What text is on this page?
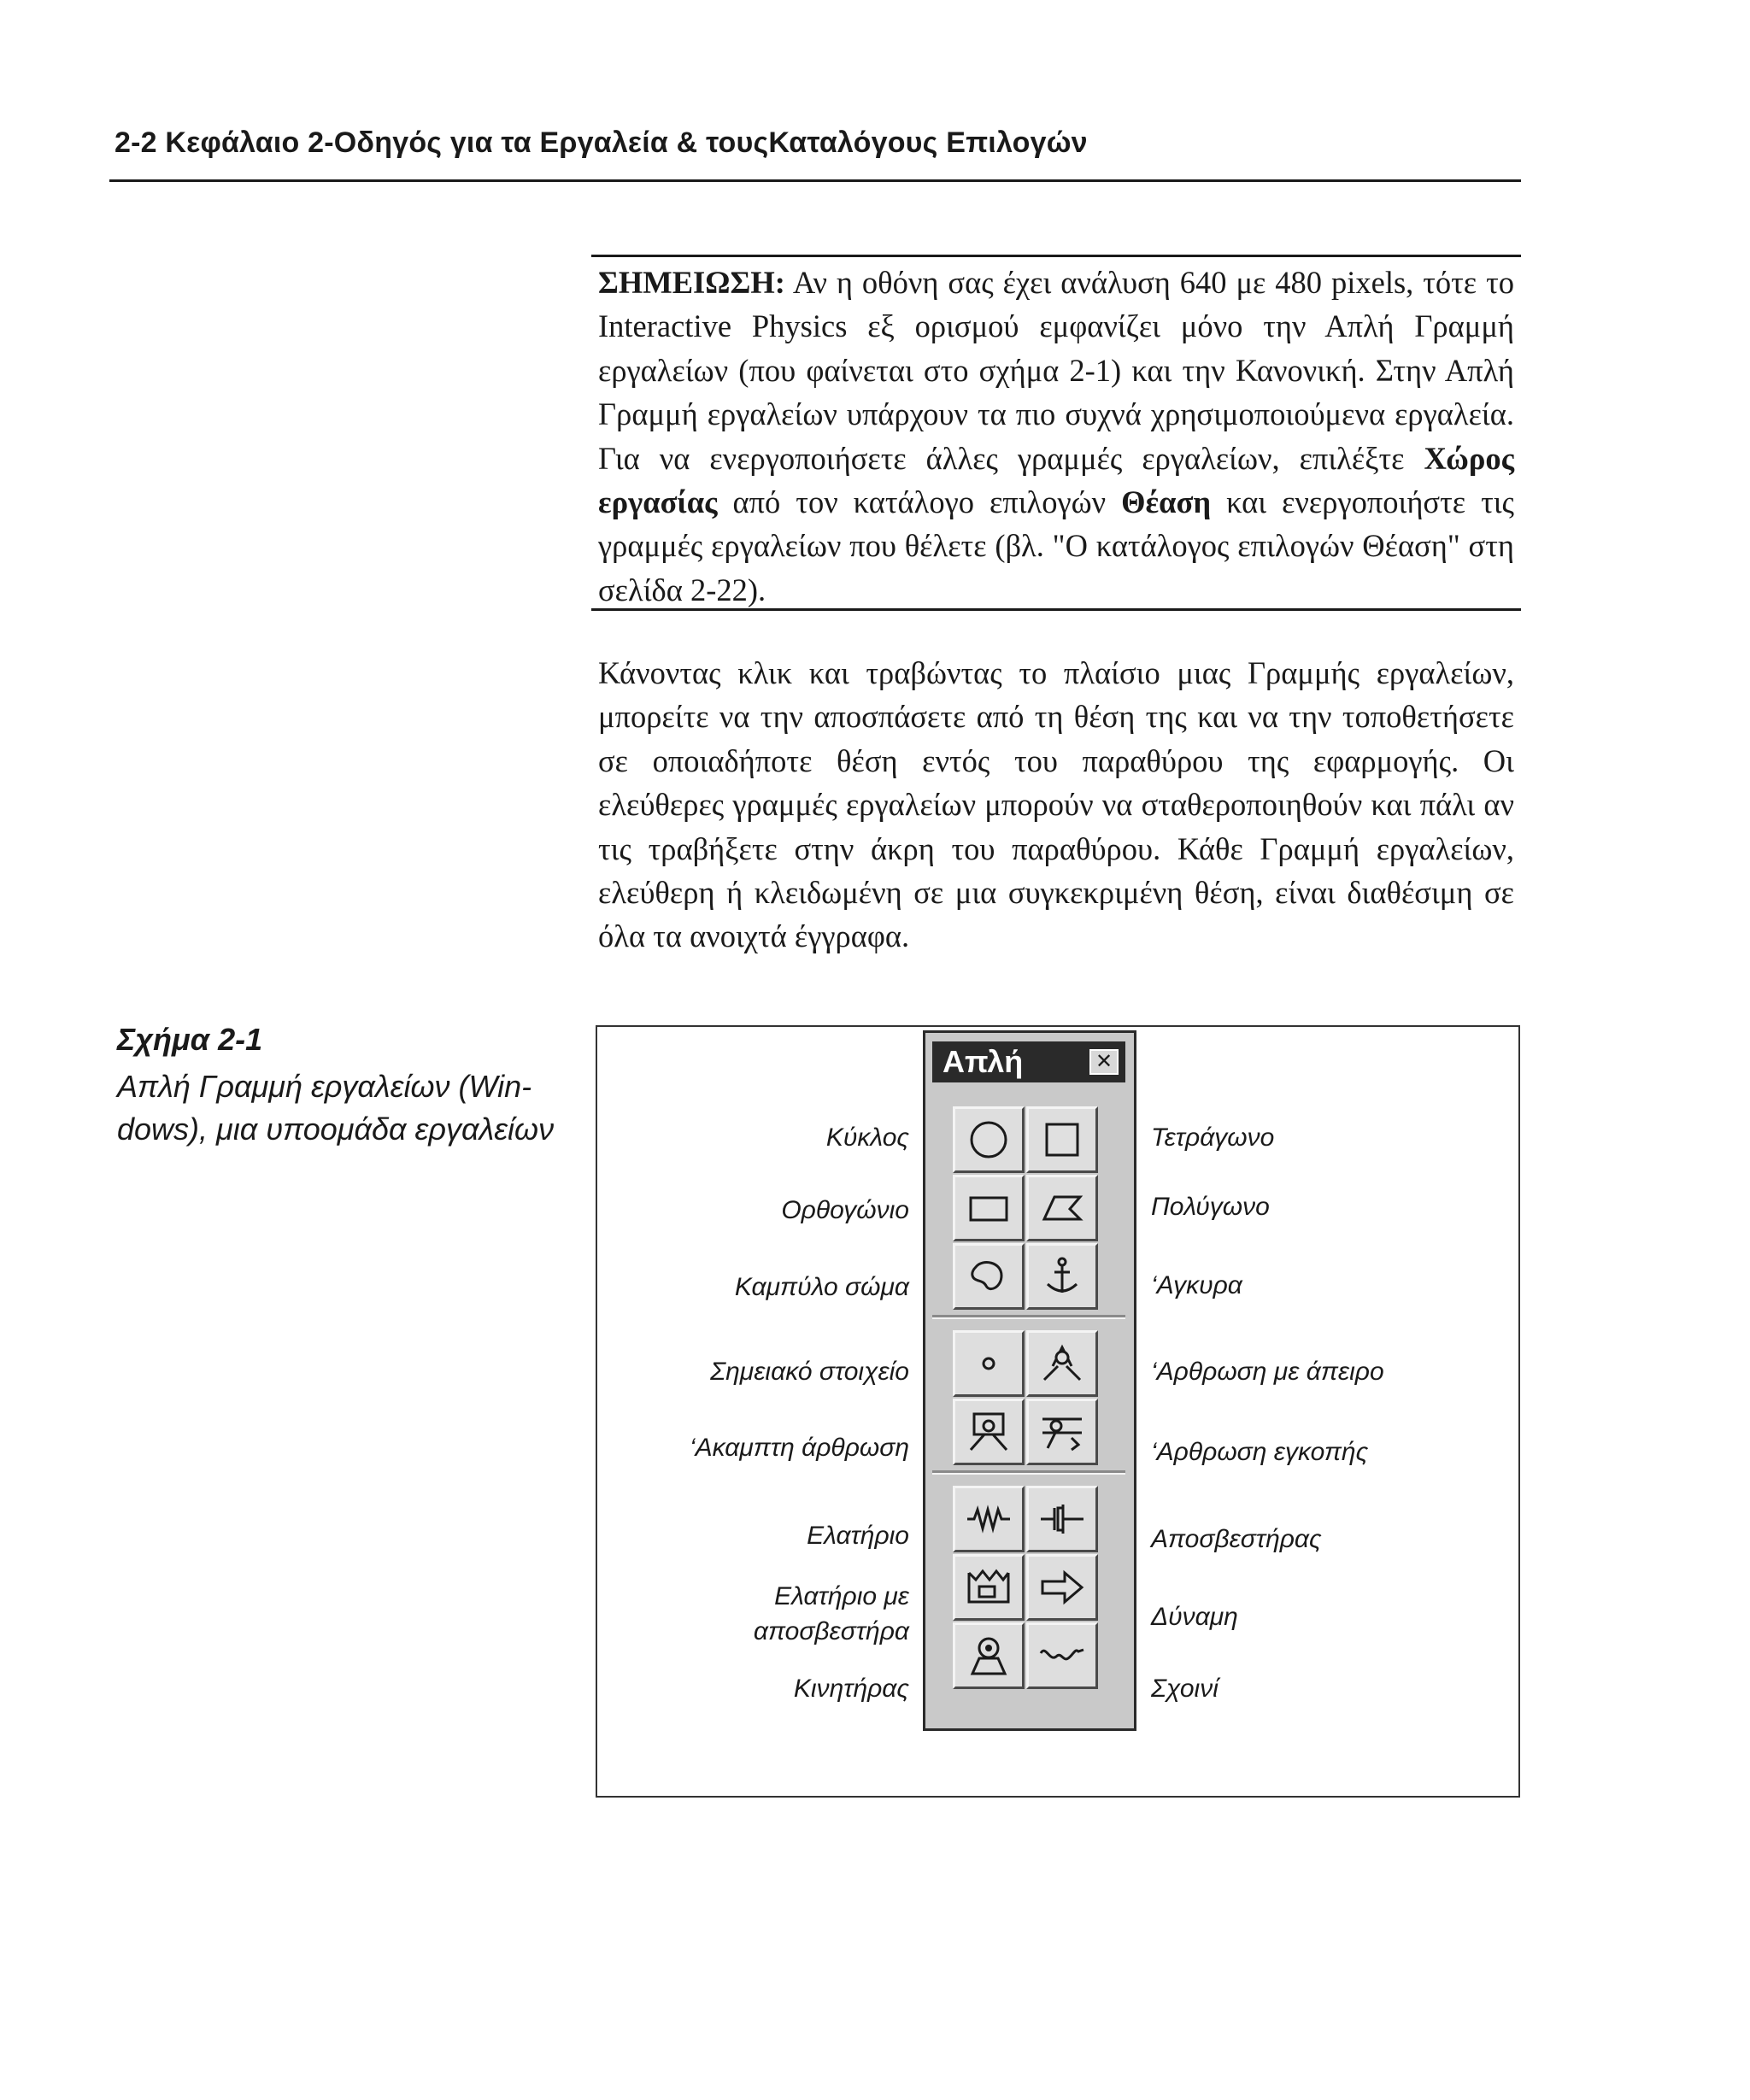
2-2 Κεφάλαιο 2-Οδηγός για τα Εργαλεία & τουςΚαταλόγους Επιλογών
ΣΗΜΕΙΩΣΗ: Αν η οθόνη σας έχει ανάλυση 640 με 480 pixels, τότε το Interactive Physics εξ ορισμού εμφανίζει μόνο την Απλή Γραμμή εργαλείων (που φαίνεται στο σχήμα 2-1) και την Κανονική. Στην Απλή Γραμμή εργαλείων υπάρχουν τα πιο συχνά χρησιμοποιούμενα εργαλεία. Για να ενεργοποιήσετε άλλες γραμμές εργαλείων, επιλέξτε Χώρος εργασίας από τον κατάλογο επιλογών Θέαση και ενεργοποιήστε τις γραμμές εργαλείων που θέλετε (βλ. "Ο κατάλογος επιλογών Θέαση" στη σελίδα 2-22).
Κάνοντας κλικ και τραβώντας το πλαίσιο μιας Γραμμής εργαλείων, μπορείτε να την αποσπάσετε από τη θέση της και να την τοποθετήσετε σε οποιαδήποτε θέση εντός του παραθύρου της εφαρμογής. Οι ελεύθερες γραμμές εργαλείων μπορούν να σταθεροποιηθούν και πάλι αν τις τραβήξετε στην άκρη του παραθύρου. Κάθε Γραμμή εργαλείων, ελεύθερη ή κλειδωμένη σε μια συγκεκριμένη θέση, είναι διαθέσιμη σε όλα τα ανοιχτά έγγραφα.
Σχήμα 2-1
Απλή Γραμμή εργαλείων (Win-dows), μια υποομάδα εργαλείων
Απλή	✕
Κύκλος
Ορθογώνιο
Καμπύλο σώμα
Σημειακό στοιχείο
‘Ακαμπτη άρθρωση
Ελατήριο
Ελατήριο με
αποσβεστήρα
Κινητήρας
Τετράγωνο
Πολύγωνο
‘Αγκυρα
‘Αρθρωση με άπειρο
‘Αρθρωση εγκοπής
Αποσβεστήρας
Δύναμη
Σχοινί
